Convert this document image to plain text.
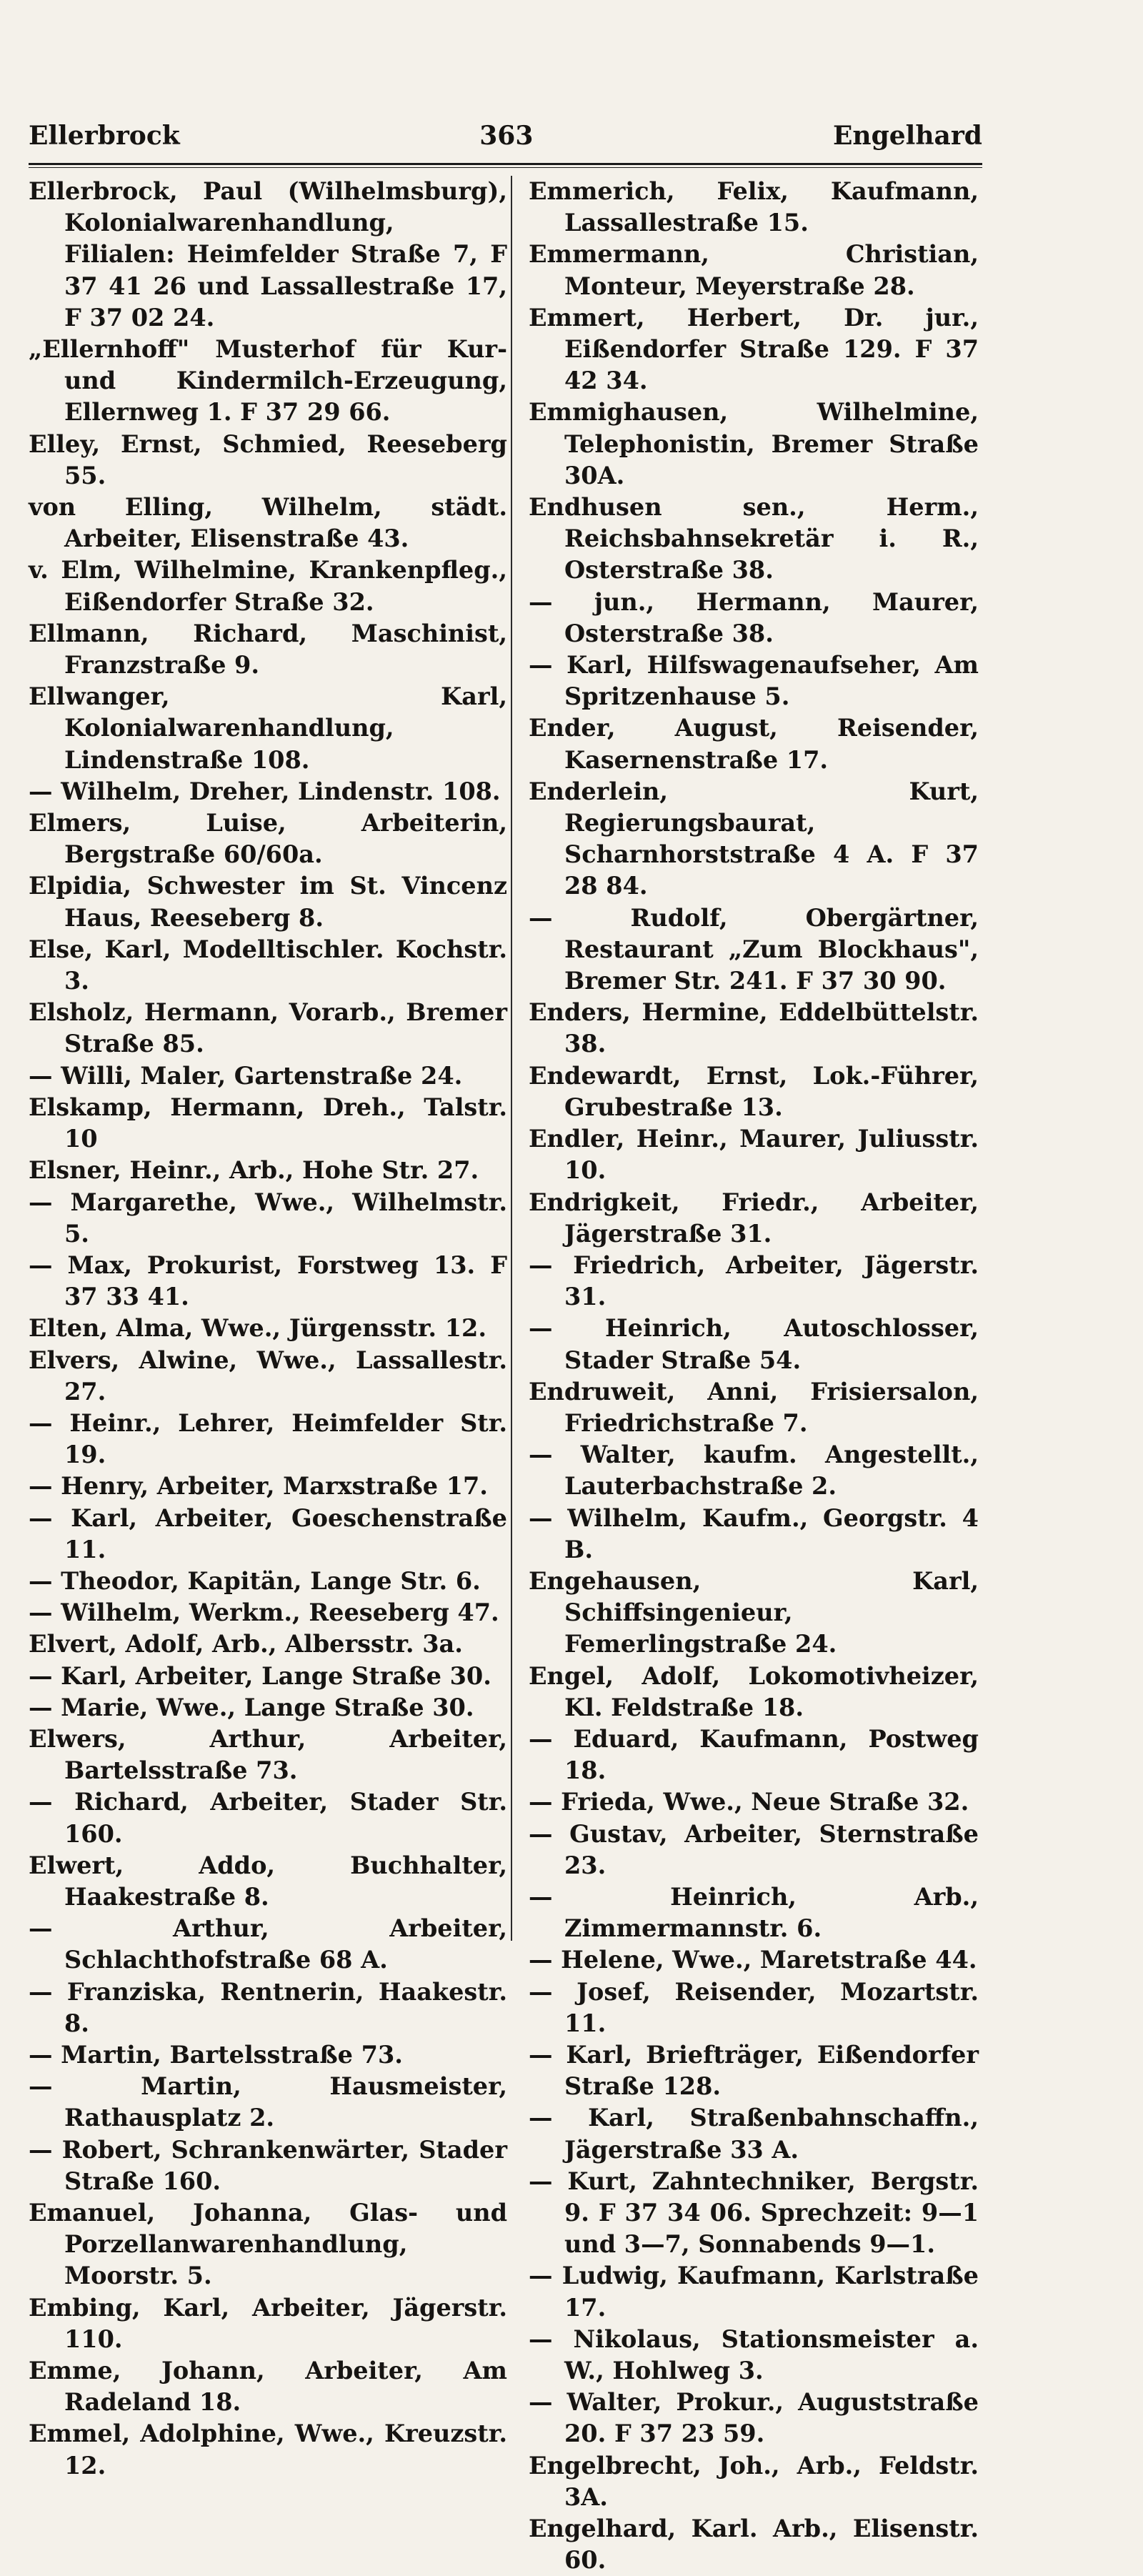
Ellerbrock	363	Engelhard
Ellerbrock, Paul (Wilhelmsburg), Kolonialwarenhandlung, Filialen: Heimfelder Straße 7, F 37 41 26 und Lassallestraße 17, F 37 02 24.
„Ellernhoff" Musterhof für Kur- und Kindermilch-Erzeugung, Ellernweg 1. F 37 29 66.
Elley, Ernst, Schmied, Reeseberg 55.
von Elling, Wilhelm, städt. Arbeiter, Elisenstraße 43.
v. Elm, Wilhelmine, Krankenpfleg., Eißendorfer Straße 32.
Ellmann, Richard, Maschinist, Franzstraße 9.
Ellwanger, Karl, Kolonialwarenhandlung, Lindenstraße 108.
— Wilhelm, Dreher, Lindenstr. 108.
Elmers, Luise, Arbeiterin, Bergstraße 60/60a.
Elpidia, Schwester im St. Vincenz Haus, Reeseberg 8.
Else, Karl, Modelltischler. Kochstr. 3.
Elsholz, Hermann, Vorarb., Bremer Straße 85.
— Willi, Maler, Gartenstraße 24.
Elskamp, Hermann, Dreh., Talstr. 10
Elsner, Heinr., Arb., Hohe Str. 27.
— Margarethe, Wwe., Wilhelmstr. 5.
— Max, Prokurist, Forstweg 13. F 37 33 41.
Elten, Alma, Wwe., Jürgensstr. 12.
Elvers, Alwine, Wwe., Lassallestr. 27.
— Heinr., Lehrer, Heimfelder Str. 19.
— Henry, Arbeiter, Marxstraße 17.
— Karl, Arbeiter, Goeschenstraße 11.
— Theodor, Kapitän, Lange Str. 6.
— Wilhelm, Werkm., Reeseberg 47.
Elvert, Adolf, Arb., Albersstr. 3a.
— Karl, Arbeiter, Lange Straße 30.
— Marie, Wwe., Lange Straße 30.
Elwers, Arthur, Arbeiter, Bartelsstraße 73.
— Richard, Arbeiter, Stader Str. 160.
Elwert, Addo, Buchhalter, Haakestraße 8.
— Arthur, Arbeiter, Schlachthofstraße 68 A.
— Franziska, Rentnerin, Haakestr. 8.
— Martin, Bartelsstraße 73.
— Martin, Hausmeister, Rathausplatz 2.
— Robert, Schrankenwärter, Stader Straße 160.
Emanuel, Johanna, Glas- und Porzellanwarenhandlung, Moorstr. 5.
Embing, Karl, Arbeiter, Jägerstr. 110.
Emme, Johann, Arbeiter, Am Radeland 18.
Emmel, Adolphine, Wwe., Kreuzstr. 12.
Emmerich, Felix, Kaufmann, Lassallestraße 15.
Emmermann, Christian, Monteur, Meyerstraße 28.
Emmert, Herbert, Dr. jur., Eißendorfer Straße 129. F 37 42 34.
Emmighausen, Wilhelmine, Telephonistin, Bremer Straße 30A.
Endhusen sen., Herm., Reichsbahnsekretär i. R., Osterstraße 38.
— jun., Hermann, Maurer, Osterstraße 38.
— Karl, Hilfswagenaufseher, Am Spritzenhause 5.
Ender, August, Reisender, Kasernenstraße 17.
Enderlein, Kurt, Regierungsbaurat, Scharnhorststraße 4 A. F 37 28 84.
— Rudolf, Obergärtner, Restaurant „Zum Blockhaus", Bremer Str. 241. F 37 30 90.
Enders, Hermine, Eddelbüttelstr. 38.
Endewardt, Ernst, Lok.-Führer, Grubestraße 13.
Endler, Heinr., Maurer, Juliusstr. 10.
Endrigkeit, Friedr., Arbeiter, Jägerstraße 31.
— Friedrich, Arbeiter, Jägerstr. 31.
— Heinrich, Autoschlosser, Stader Straße 54.
Endruweit, Anni, Frisiersalon, Friedrichstraße 7.
— Walter, kaufm. Angestellt., Lauterbachstraße 2.
— Wilhelm, Kaufm., Georgstr. 4 B.
Engehausen, Karl, Schiffsingenieur, Femerlingstraße 24.
Engel, Adolf, Lokomotivheizer, Kl. Feldstraße 18.
— Eduard, Kaufmann, Postweg 18.
— Frieda, Wwe., Neue Straße 32.
— Gustav, Arbeiter, Sternstraße 23.
— Heinrich, Arb., Zimmermannstr. 6.
— Helene, Wwe., Maretstraße 44.
— Josef, Reisender, Mozartstr. 11.
— Karl, Briefträger, Eißendorfer Straße 128.
— Karl, Straßenbahnschaffn., Jägerstraße 33 A.
— Kurt, Zahntechniker, Bergstr. 9. F 37 34 06. Sprechzeit: 9—1 und 3—7, Sonnabends 9—1.
— Ludwig, Kaufmann, Karlstraße 17.
— Nikolaus, Stationsmeister a. W., Hohlweg 3.
— Walter, Prokur., Auguststraße 20. F 37 23 59.
Engelbrecht, Joh., Arb., Feldstr. 3A.
Engelhard, Karl. Arb., Elisenstr. 60.
